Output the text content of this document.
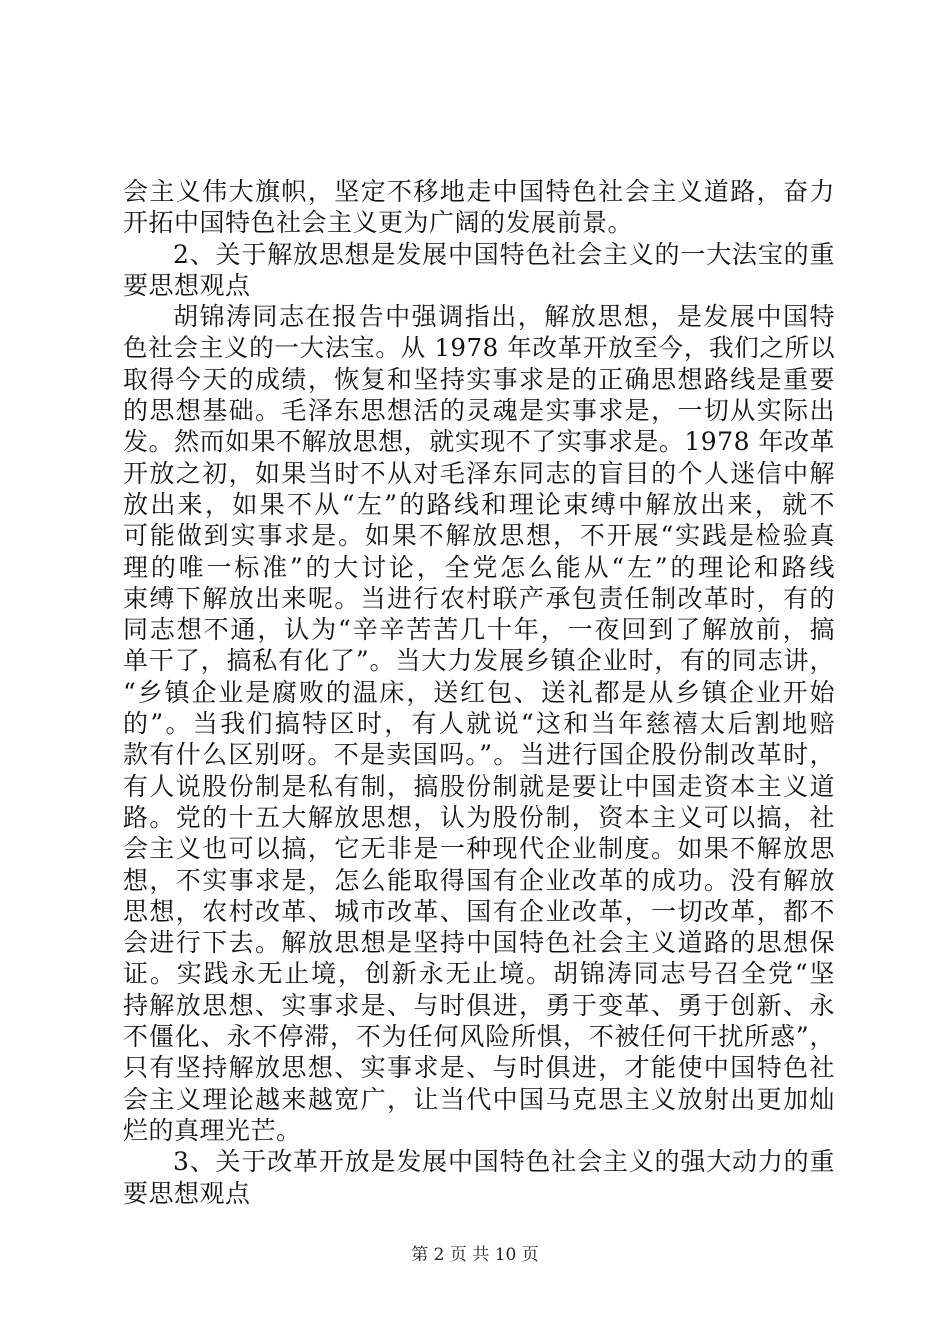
会主义伟大旗帜，坚定不移地走中国特色社会主义道路，奋力
开拓中国特色社会主义更为广阔的发展前景。
2、关于解放思想是发展中国特色社会主义的一大法宝的重
要思想观点
胡锦涛同志在报告中强调指出，解放思想，是发展中国特
色社会主义的一大法宝。从 1978 年改革开放至今，我们之所以
取得今天的成绩，恢复和坚持实事求是的正确思想路线是重要
的思想基础。毛泽东思想活的灵魂是实事求是，一切从实际出
发。然而如果不解放思想，就实现不了实事求是。1978 年改革
开放之初，如果当时不从对毛泽东同志的盲目的个人迷信中解
放出来，如果不从“左”的路线和理论束缚中解放出来，就不
可能做到实事求是。如果不解放思想，不开展“实践是检验真
理的唯一标准”的大讨论，全党怎么能从“左”的理论和路线
束缚下解放出来呢。当进行农村联产承包责任制改革时，有的
同志想不通，认为“辛辛苦苦几十年，一夜回到了解放前，搞
单干了，搞私有化了”。当大力发展乡镇企业时，有的同志讲，
“乡镇企业是腐败的温床，送红包、送礼都是从乡镇企业开始
的”。当我们搞特区时，有人就说“这和当年慈禧太后割地赔
款有什么区别呀。不是卖国吗。”。当进行国企股份制改革时，
有人说股份制是私有制，搞股份制就是要让中国走资本主义道
路。党的十五大解放思想，认为股份制，资本主义可以搞，社
会主义也可以搞，它无非是一种现代企业制度。如果不解放思
想，不实事求是，怎么能取得国有企业改革的成功。没有解放
思想，农村改革、城市改革、国有企业改革，一切改革，都不
会进行下去。解放思想是坚持中国特色社会主义道路的思想保
证。实践永无止境，创新永无止境。胡锦涛同志号召全党“坚
持解放思想、实事求是、与时俱进，勇于变革、勇于创新、永
不僵化、永不停滞，不为任何风险所惧，不被任何干扰所惑”，
只有坚持解放思想、实事求是、与时俱进，才能使中国特色社
会主义理论越来越宽广，让当代中国马克思主义放射出更加灿
烂的真理光芒。
3、关于改革开放是发展中国特色社会主义的强大动力的重
要思想观点
第 2 页 共 10 页
